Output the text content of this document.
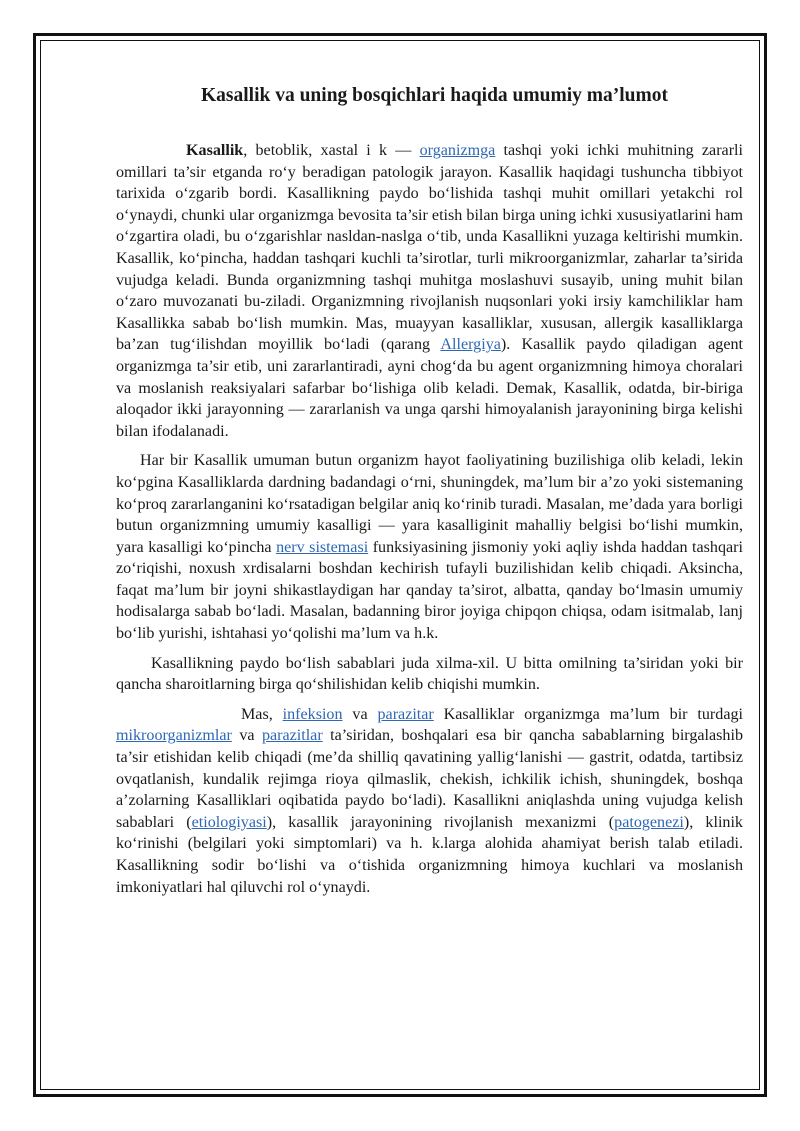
Kasallik va uning bosqichlari haqida umumiy ma’lumot

Kasallik, betoblik, xastal i k — organizmga tashqi yoki ichki muhitning zararli omillari ta’sir etganda ro‘y beradigan patologik jarayon. Kasallik haqidagi tushuncha tibbiyot tarixida o‘zgarib bordi. Kasallikning paydo bo‘lishida tashqi muhit omillari yetakchi rol o‘ynaydi, chunki ular organizmga bevosita ta’sir etish bilan birga uning ichki xususiyatlarini ham o‘zgartira oladi, bu o‘zgarishlar nasldan-naslga o‘tib, unda Kasallikni yuzaga keltirishi mumkin. Kasallik, ko‘pincha, haddan tashqari kuchli ta’sirotlar, turli mikroorganizmlar, zaharlar ta’sirida vujudga keladi. Bunda organizmning tashqi muhitga moslashuvi susayib, uning muhit bilan o‘zaro muvozanati bu-ziladi. Organizmning rivojlanish nuqsonlari yoki irsiy kamchiliklar ham Kasallikka sabab bo‘lish mumkin. Mas, muayyan kasalliklar, xususan, allergik kasalliklarga ba’zan tug‘ilishdan moyillik bo‘ladi (qarang Allergiya). Kasallik paydo qiladigan agent organizmga ta’sir etib, uni zararlantiradi, ayni chog‘da bu agent organizmning himoya choralari va moslanish reaksiyalari safarbar bo‘lishiga olib keladi. Demak, Kasallik, odatda, bir-biriga aloqador ikki jarayonning — zararlanish va unga qarshi himoyalanish jarayonining birga kelishi bilan ifodalanadi.

Har bir Kasallik umuman butun organizm hayot faoliyatining buzilishiga olib keladi, lekin ko‘pgina Kasalliklarda dardning badandagi o‘rni, shuningdek, ma’lum bir a’zo yoki sistemaning ko‘proq zararlanganini ko‘rsatadigan belgilar aniq ko‘rinib turadi. Masalan, me’dada yara borligi butun organizmning umumiy kasalligi — yara kasalliginit mahalliy belgisi bo‘lishi mumkin, yara kasalligi ko‘pincha nerv sistemasi funksiyasining jismoniy yoki aqliy ishda haddan tashqari zo‘riqishi, noxush xrdisalarni boshdan kechirish tufayli buzilishidan kelib chiqadi. Aksincha, faqat ma’lum bir joyni shikastlaydigan har qanday ta’sirot, albatta, qanday bo‘lmasin umumiy hodisalarga sabab bo‘ladi. Masalan, badanning biror joyiga chipqon chiqsa, odam isitmalab, lanj bo‘lib yurishi, ishtahasi yo‘qolishi ma’lum va h.k.

Kasallikning paydo bo‘lish sabablari juda xilma-xil. U bitta omilning ta’siridan yoki bir qancha sharoitlarning birga qo‘shilishidan kelib chiqishi mumkin.

Mas, infeksion va parazitar Kasalliklar organizmga ma’lum bir turdagi mikroorganizmlar va parazitlar ta’siridan, boshqalari esa bir qancha sabablarning birgalashib ta’sir etishidan kelib chiqadi (me’da shilliq qavatining yallig‘lanishi — gastrit, odatda, tartibsiz ovqatlanish, kundalik rejimga rioya qilmaslik, chekish, ichkilik ichish, shuningdek, boshqa a’zolarning Kasalliklari oqibatida paydo bo‘ladi). Kasallikni aniqlashda uning vujudga kelish sabablari (etiologiyasi), kasallik jarayonining rivojlanish mexanizmi (patogenezi), klinik ko‘rinishi (belgilari yoki simptomlari) va h. k.larga alohida ahamiyat berish talab etiladi. Kasallikning sodir bo‘lishi va o‘tishida organizmning himoya kuchlari va moslanish imkoniyatlari hal qiluvchi rol o‘ynaydi.
